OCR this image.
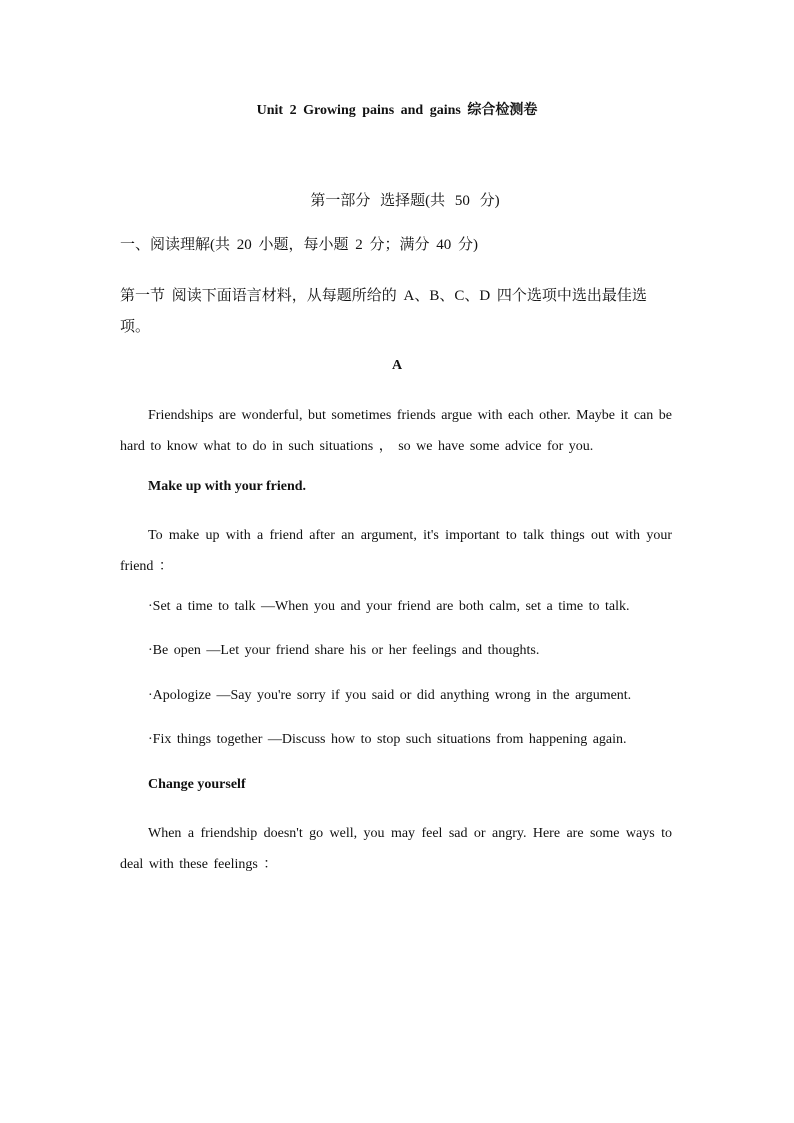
Unit 2 Growing pains and gains 综合检测卷
第一部分 选择题(共 50 分)
一、阅读理解(共 20 小题，每小题 2 分；满分 40 分)
第一节 阅读下面语言材料，从每题所给的 A、B、C、D 四个选项中选出最佳选项。
A
Friendships are wonderful, but sometimes friends argue with each other. Maybe it can be hard to know what to do in such situations ， so we have some advice for you.
Make up with your friend.
To make up with a friend after an argument, it's important to talk things out with your friend ：
·Set a time to talk —When you and your friend are both calm, set a time to talk.
·Be open —Let your friend share his or her feelings and thoughts.
·Apologize —Say you're sorry if you said or did anything wrong in the argument.
·Fix things together —Discuss how to stop such situations from happening again.
Change yourself
When a friendship doesn't go well, you may feel sad or angry. Here are some ways to deal with these feelings ：
